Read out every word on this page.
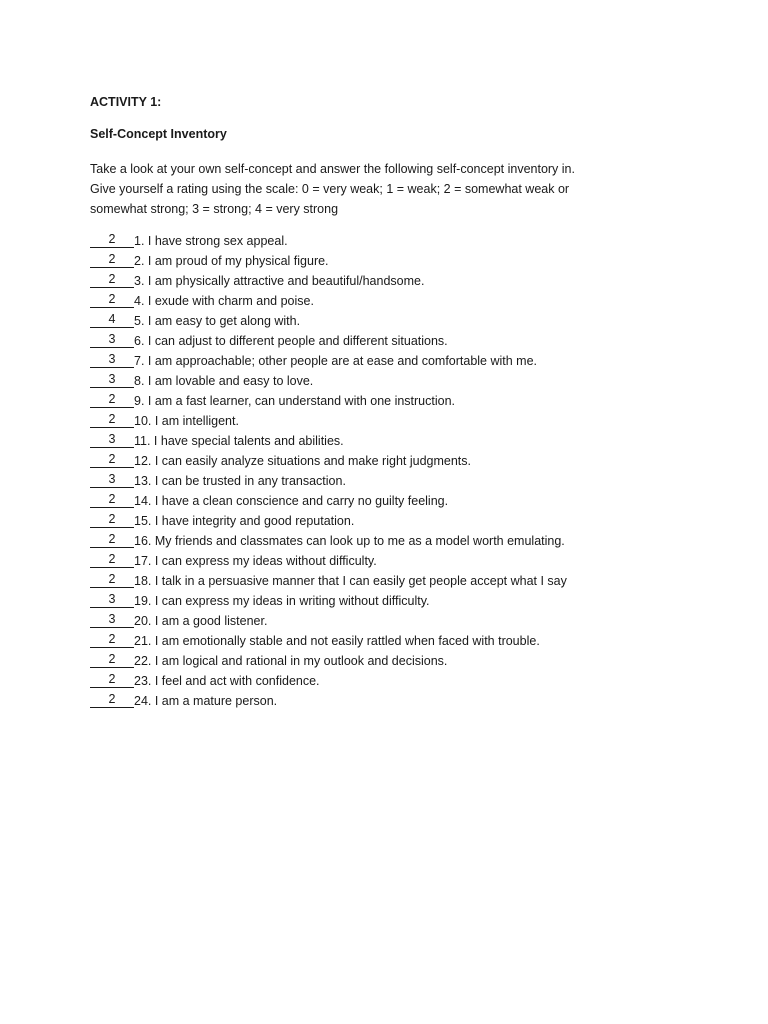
ACTIVITY 1:
Self-Concept Inventory
Take a look at your own self-concept and answer the following self-concept inventory in.
Give yourself a rating using the scale: 0 = very weak; 1 = weak; 2 = somewhat weak or
somewhat strong; 3 = strong; 4 = very strong
2	1. I have strong sex appeal.
2	2. I am proud of my physical figure.
2	3. I am physically attractive and beautiful/handsome.
2	4. I exude with charm and poise.
4	5. I am easy to get along with.
3	6. I can adjust to different people and different situations.
3	7. I am approachable; other people are at ease and comfortable with me.
3	8. I am lovable and easy to love.
2	9. I am a fast learner, can understand with one instruction.
2	10. I am intelligent.
3	11. I have special talents and abilities.
2	12. I can easily analyze situations and make right judgments.
3	13. I can be trusted in any transaction.
2	14. I have a clean conscience and carry no guilty feeling.
2	15. I have integrity and good reputation.
2	16. My friends and classmates can look up to me as a model worth emulating.
2	17. I can express my ideas without difficulty.
2	18. I talk in a persuasive manner that I can easily get people accept what I say
3	19. I can express my ideas in writing without difficulty.
3	20. I am a good listener.
2	21. I am emotionally stable and not easily rattled when faced with trouble.
2	22. I am logical and rational in my outlook and decisions.
2	23. I feel and act with confidence.
2	24. I am a mature person.
